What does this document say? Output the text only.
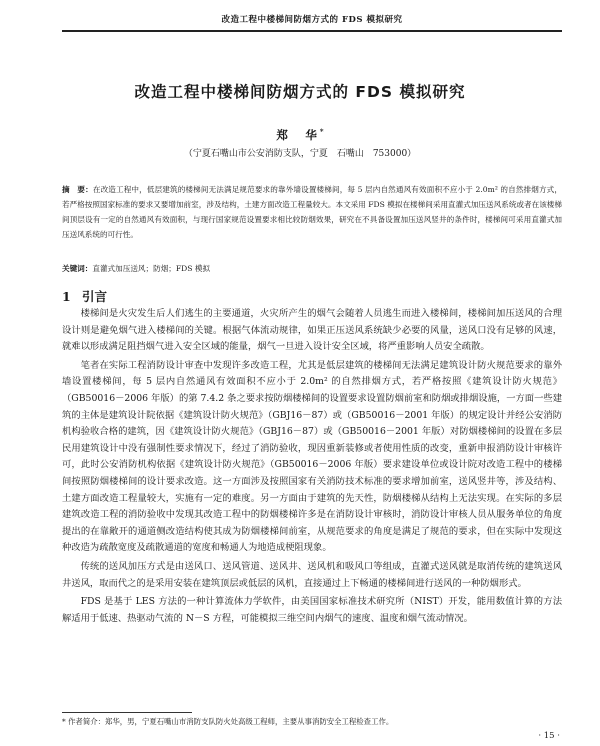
改造工程中楼梯间防烟方式的 FDS 模拟研究
改造工程中楼梯间防烟方式的 FDS 模拟研究
郑　华*
（宁夏石嘴山市公安消防支队，宁夏　石嘴山　753000）
摘　要：在改造工程中，低层建筑的楼梯间无法满足规范要求的靠外墙设置楼梯间，每 5 层内自然通风有效面积不应小于 2.0m² 的自然排烟方式，若严格按照国家标准的要求又要增加前室，涉及结构，土建方面改造工程量较大。本文采用 FDS 模拟在楼梯间采用直灌式加压送风系统或者在该楼梯间顶层设有一定的自然通风有效面积，与现行国家规范设置要求相比较防烟效果，研究在不具备设置加压送风竖井的条件时，楼梯间可采用直灌式加压送风系统的可行性。
关键词：直灌式加压送风；防烟；FDS 模拟
1 引言

楼梯间是火灾发生后人们逃生的主要通道，火灾所产生的烟气会随着人员逃生而进入楼梯间，楼梯间加压送风的合理设计则是避免烟气进入楼梯间的关键。根据气体流动规律，如果正压送风系统缺少必要的风量，送风口没有足够的风速，就难以形成满足阻挡烟气进入安全区域的能量，烟气一旦进入设计安全区域，将严重影响人员安全疏散。

笔者在实际工程消防设计审查中发现许多改造工程，尤其是低层建筑的楼梯间无法满足建筑设计防火规范要求的靠外墙设置楼梯间，每 5 层内自然通风有效面积不应小于 2.0m² 的自然排烟方式，若严格按照《建筑设计防火规范》（GB50016－2006 年版）的第 7.4.2 条之要求按防烟楼梯间的设置要求设置防烟前室和防烟或排烟设施，一方面一些建筑的主体是建筑设计院依据《建筑设计防火规范》（GBJ16－87）或（GB50016－2001 年版）的规定设计并经公安消防机构验收合格的建筑，因《建筑设计防火规范》（GBJ16－87）或（GB50016－2001 年版）对防烟楼梯间的设置在多层民用建筑设计中没有强制性要求情况下，经过了消防验收，现因重新装修或者使用性质的改变，重新申报消防设计审核许可，此时公安消防机构依据《建筑设计防火规范》（GB50016－2006 年版）要求建设单位或设计院对改造工程中的楼梯间按照防烟楼梯间的设计要求改造。这一方面涉及按照国家有关消防技术标准的要求增加前室，送风竖井等，涉及结构、土建方面改造工程量较大，实施有一定的难度。另一方面由于建筑的先天性，防烟楼梯从结构上无法实现。在实际的多层建筑改造工程的消防验收中发现其改造工程中的防烟楼梯许多是在消防设计审核时，消防设计审核人员从服务单位的角度提出的在靠敞开的通道侧改造结构使其成为防烟楼梯间前室，从规范要求的角度是满足了规范的要求，但在实际中发现这种改造为疏散宽度及疏散通道的宽度和畅通人为地造成梗阻现象。

传统的送风加压方式是由送风口、送风管道、送风井、送风机和吸风口等组成，直灌式送风就是取消传统的建筑送风井送风，取而代之的是采用安装在建筑顶层或低层的风机，直接通过上下畅通的楼梯间进行送风的一种防烟形式。

FDS 是基于 LES 方法的一种计算流体力学软件，由美国国家标准技术研究所（NIST）开发，能用数值计算的方法解适用于低速、热驱动气流的 N－S 方程，可能模拟三维空间内烟气的速度、温度和烟气流动情况。

* 作者简介：郑华，男，宁夏石嘴山市消防支队防火处高级工程师，主要从事消防安全工程检查工作。
· 15 ·
